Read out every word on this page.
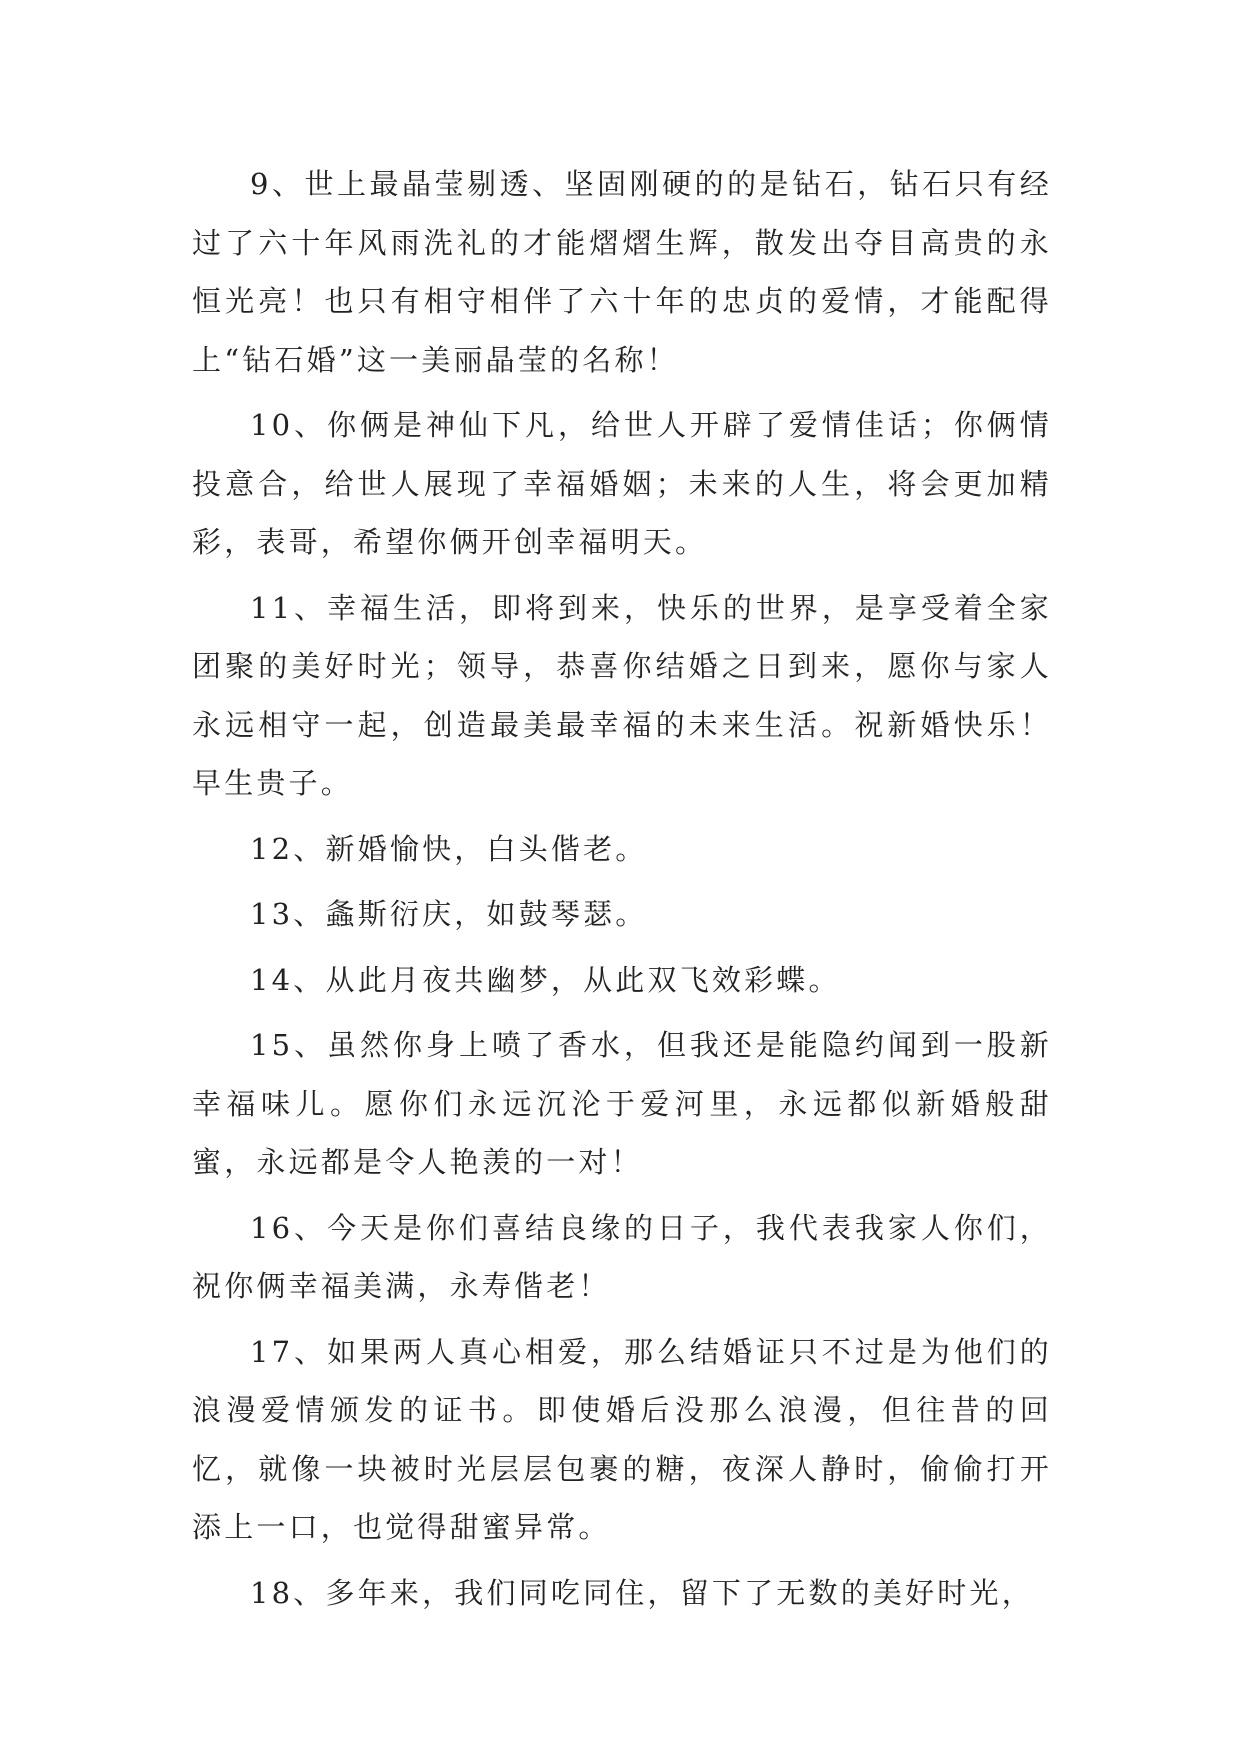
9、世上最晶莹剔透、坚固刚硬的的是钻石，钻石只有经过了六十年风雨洗礼的才能熠熠生辉，散发出夺目高贵的永恒光亮！也只有相守相伴了六十年的忠贞的爱情，才能配得上“钻石婚”这一美丽晶莹的名称！

10、你俩是神仙下凡，给世人开辟了爱情佳话；你俩情投意合，给世人展现了幸福婚姻；未来的人生，将会更加精彩，表哥，希望你俩开创幸福明天。

11、幸福生活，即将到来，快乐的世界，是享受着全家团聚的美好时光；领导，恭喜你结婚之日到来，愿你与家人永远相守一起，创造最美最幸福的未来生活。祝新婚快乐！早生贵子。

12、新婚愉快，白头偕老。

13、螽斯衍庆，如鼓琴瑟。

14、从此月夜共幽梦，从此双飞效彩蝶。

15、虽然你身上喷了香水，但我还是能隐约闻到一股新幸福味儿。愿你们永远沉沦于爱河里，永远都似新婚般甜蜜，永远都是令人艳羡的一对！

16、今天是你们喜结良缘的日子，我代表我家人你们，祝你俩幸福美满，永寿偕老！

17、如果两人真心相爱，那么结婚证只不过是为他们的浪漫爱情颁发的证书。即使婚后没那么浪漫，但往昔的回忆，就像一块被时光层层包裹的糖，夜深人静时，偷偷打开添上一口，也觉得甜蜜异常。

18、多年来，我们同吃同住，留下了无数的美好时光，
